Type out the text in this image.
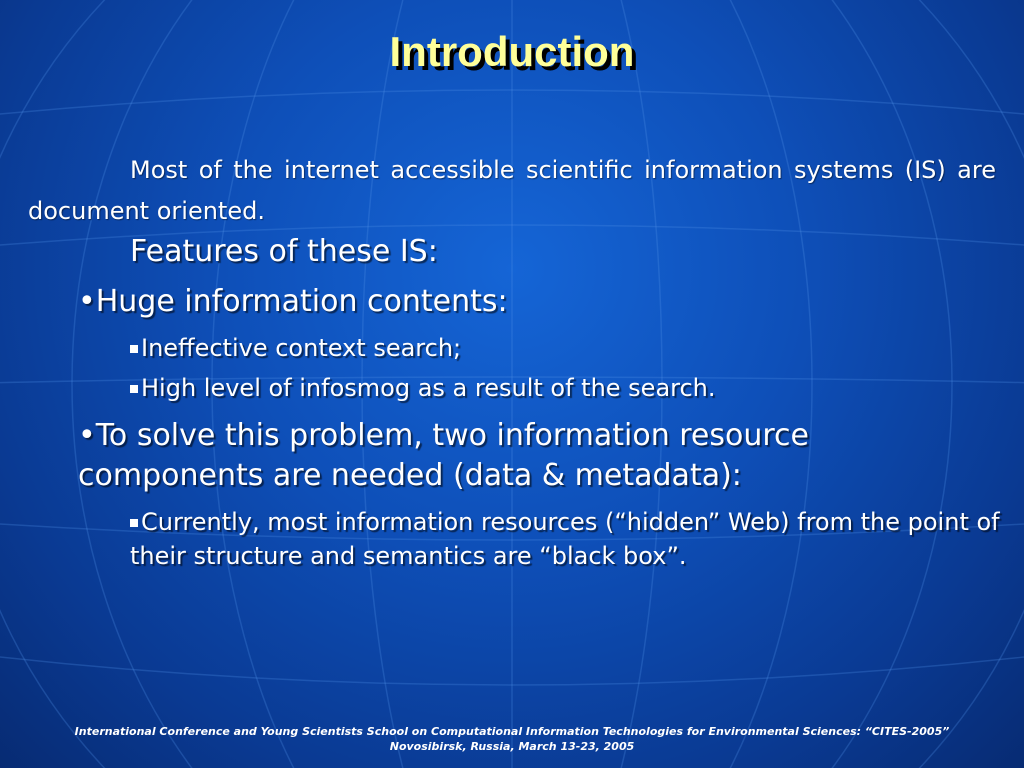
Introduction
Most of the internet accessible scientific information systems (IS) are document oriented.
Features of these IS:
•Huge information contents:
Ineffective context search;
High level of infosmog as a result of the search.
•To solve this problem, two information resource components are needed (data & metadata):
Currently, most information resources (“hidden” Web) from the point of their structure and semantics are “black box”.
International Conference and Young Scientists School on Computational Information Technologies for Environmental Sciences: “CITES-2005”
Novosibirsk, Russia, March 13-23, 2005
